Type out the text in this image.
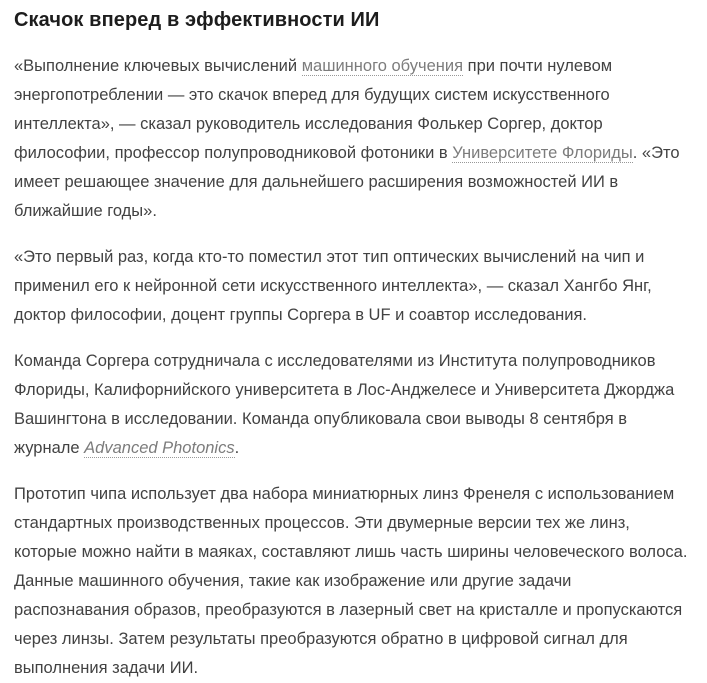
Скачок вперед в эффективности ИИ

«Выполнение ключевых вычислений машинного обучения при почти нулевом энергопотреблении — это скачок вперед для будущих систем искусственного интеллекта», — сказал руководитель исследования Фолькер Соргер, доктор философии, профессор полупроводниковой фотоники в Университете Флориды. «Это имеет решающее значение для дальнейшего расширения возможностей ИИ в ближайшие годы».

«Это первый раз, когда кто-то поместил этот тип оптических вычислений на чип и применил его к нейронной сети искусственного интеллекта», — сказал Хангбо Янг, доктор философии, доцент группы Соргера в UF и соавтор исследования.

Команда Соргера сотрудничала с исследователями из Института полупроводников Флориды, Калифорнийского университета в Лос-Анджелесе и Университета Джорджа Вашингтона в исследовании. Команда опубликовала свои выводы 8 сентября в журнале Advanced Photonics.

Прототип чипа использует два набора миниатюрных линз Френеля с использованием стандартных производственных процессов. Эти двумерные версии тех же линз, которые можно найти в маяках, составляют лишь часть ширины человеческого волоса. Данные машинного обучения, такие как изображение или другие задачи распознавания образов, преобразуются в лазерный свет на кристалле и пропускаются через линзы. Затем результаты преобразуются обратно в цифровой сигнал для выполнения задачи ИИ.
